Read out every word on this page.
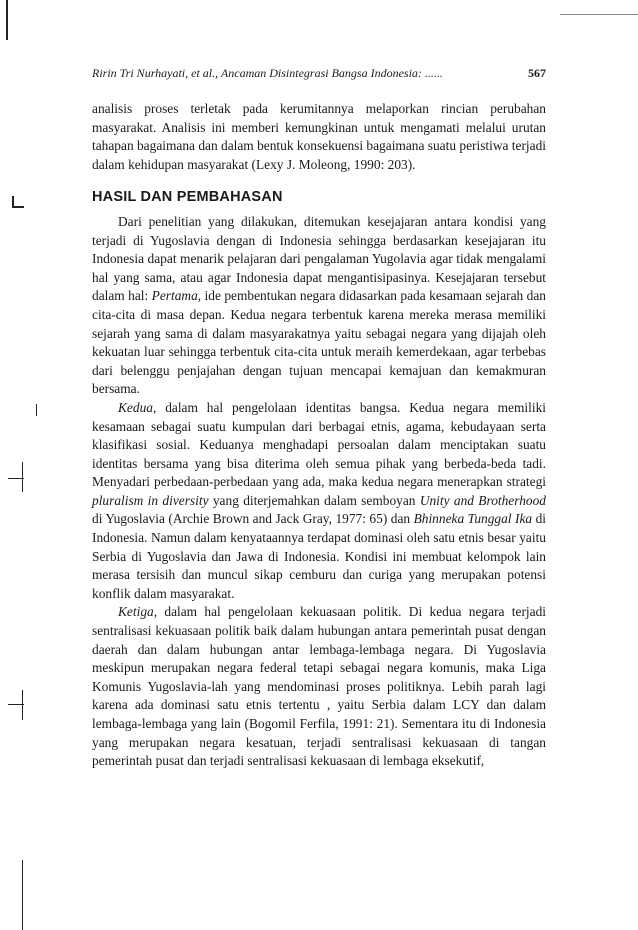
Ririn Tri Nurhayati, et al., Ancaman Disintegrasi Bangsa Indonesia: ......	567

analisis proses terletak pada kerumitannya melaporkan rincian perubahan masyarakat. Analisis ini memberi kemungkinan untuk mengamati melalui urutan tahapan bagaimana dan dalam bentuk konsekuensi bagaimana suatu peristiwa terjadi dalam kehidupan masyarakat (Lexy J. Moleong, 1990: 203).

HASIL DAN PEMBAHASAN

Dari penelitian yang dilakukan, ditemukan kesejajaran antara kondisi yang terjadi di Yugoslavia dengan di Indonesia sehingga berdasarkan kesejajaran itu Indonesia dapat menarik pelajaran dari pengalaman Yugolavia agar tidak mengalami hal yang sama, atau agar Indonesia dapat mengantisipasinya. Kesejajaran tersebut dalam hal: Pertama, ide pembentukan negara didasarkan pada kesamaan sejarah dan cita-cita di masa depan. Kedua negara terbentuk karena mereka merasa memiliki sejarah yang sama di dalam masyarakatnya yaitu sebagai negara yang dijajah oleh kekuatan luar sehingga terbentuk cita-cita untuk meraih kemerdekaan, agar terbebas dari belenggu penjajahan dengan tujuan mencapai kemajuan dan kemakmuran bersama.

Kedua, dalam hal pengelolaan identitas bangsa. Kedua negara memiliki kesamaan sebagai suatu kumpulan dari berbagai etnis, agama, kebudayaan serta klasifikasi sosial. Keduanya menghadapi persoalan dalam menciptakan suatu identitas bersama yang bisa diterima oleh semua pihak yang berbeda-beda tadi. Menyadari perbedaan-perbedaan yang ada, maka kedua negara menerapkan strategi pluralism in diversity yang diterjemahkan dalam semboyan Unity and Brotherhood di Yugoslavia (Archie Brown and Jack Gray, 1977: 65) dan Bhinneka Tunggal Ika di Indonesia. Namun dalam kenyataannya terdapat dominasi oleh satu etnis besar yaitu Serbia di Yugoslavia dan Jawa di Indonesia. Kondisi ini membuat kelompok lain merasa tersisih dan muncul sikap cemburu dan curiga yang merupakan potensi konflik dalam masyarakat.

Ketiga, dalam hal pengelolaan kekuasaan politik. Di kedua negara terjadi sentralisasi kekuasaan politik baik dalam hubungan antara pemerintah pusat dengan daerah dan dalam hubungan antar lembaga-lembaga negara. Di Yugoslavia meskipun merupakan negara federal tetapi sebagai negara komunis, maka Liga Komunis Yugoslavia-lah yang mendominasi proses politiknya. Lebih parah lagi karena ada dominasi satu etnis tertentu , yaitu Serbia dalam LCY dan dalam lembaga-lembaga yang lain (Bogomil Ferfila, 1991: 21). Sementara itu di Indonesia yang merupakan negara kesatuan, terjadi sentralisasi kekuasaan di tangan pemerintah pusat dan terjadi sentralisasi kekuasaan di lembaga eksekutif,
